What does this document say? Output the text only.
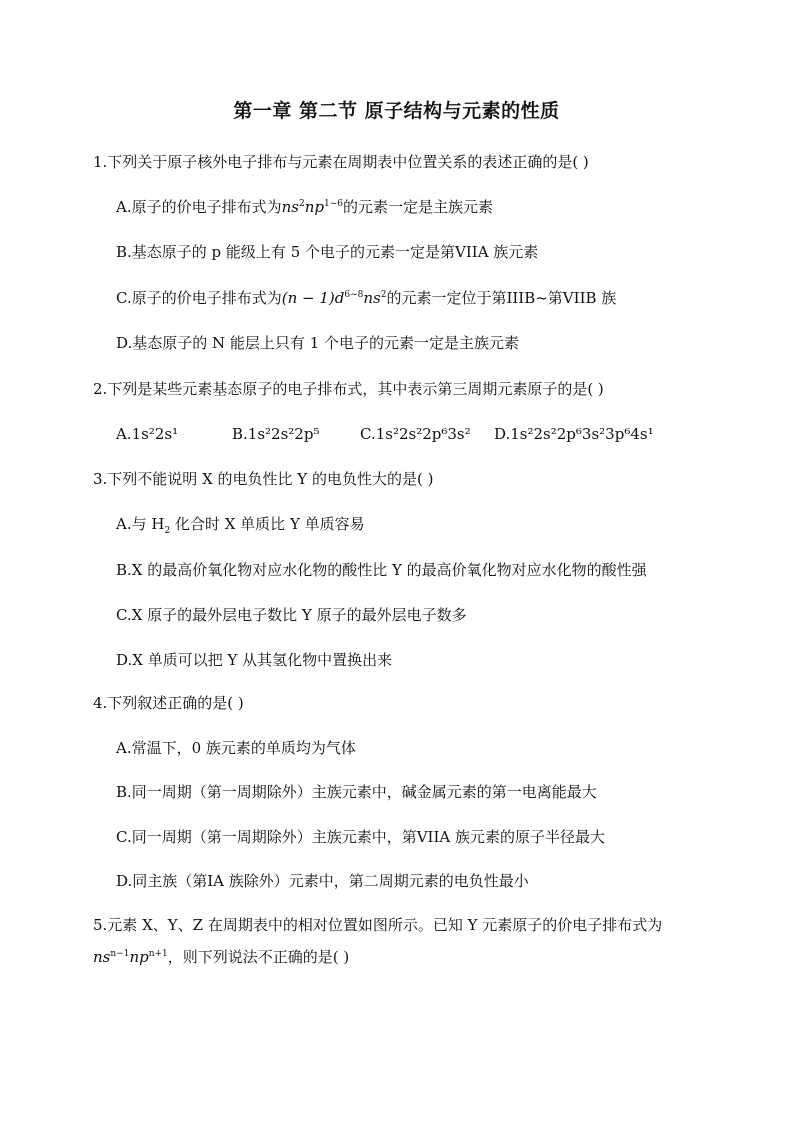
第一章 第二节 原子结构与元素的性质
1.下列关于原子核外电子排布与元素在周期表中位置关系的表述正确的是( )
A.原子的价电子排布式为$ns^2np^{1\sim 6}$的元素一定是主族元素
B.基态原子的 p 能级上有 5 个电子的元素一定是第VIIA 族元素
C.原子的价电子排布式为$(n - 1)d^{6\sim 8}ns^2$的元素一定位于第IIIB~第VIIB 族
D.基态原子的 N 能层上只有 1 个电子的元素一定是主族元素
2.下列是某些元素基态原子的电子排布式，其中表示第三周期元素原子的是( )
A.1s²2s¹	B.1s²2s²2p⁵	C.1s²2s²2p⁶3s² D.1s²2s²2p⁶3s²3p⁶4s¹
3.下列不能说明 X 的电负性比 Y 的电负性大的是( )
A.与 $H_2$ 化合时 X 单质比 Y 单质容易
B.X 的最高价氧化物对应水化物的酸性比 Y 的最高价氧化物对应水化物的酸性强
C.X 原子的最外层电子数比 Y 原子的最外层电子数多
D.X 单质可以把 Y 从其氢化物中置换出来
4.下列叙述正确的是( )
A.常温下，0 族元素的单质均为气体
B.同一周期（第一周期除外）主族元素中，碱金属元素的第一电离能最大
C.同一周期（第一周期除外）主族元素中，第VIIA 族元素的原子半径最大
D.同主族（第IA 族除外）元素中，第二周期元素的电负性最小
5.元素 X、Y、Z 在周期表中的相对位置如图所示。已知 Y 元素原子的价电子排布式为
$ns^{n-1}np^{n+1}$，则下列说法不正确的是( )
